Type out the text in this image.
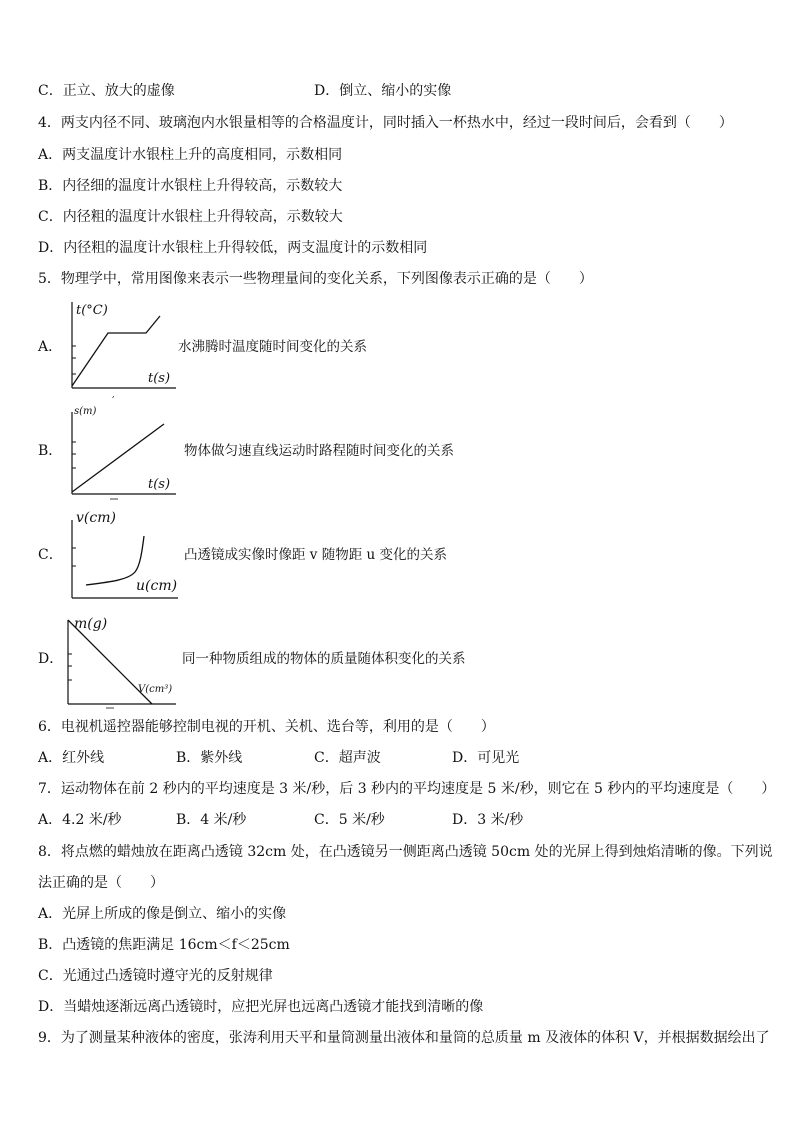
C．正立、放大的虚像	D．倒立、缩小的实像
4．两支内径不同、玻璃泡内水银量相等的合格温度计，同时插入一杯热水中，经过一段时间后，会看到（　　）
A．两支温度计水银柱上升的高度相同，示数相同
B．内径细的温度计水银柱上升得较高，示数较大
C．内径粗的温度计水银柱上升得较高，示数较大
D．内径粗的温度计水银柱上升得较低，两支温度计的示数相同
5．物理学中，常用图像来表示一些物理量间的变化关系，下列图像表示正确的是（　　）
A．
t(°C)
t(s)
,
水沸腾时温度随时间变化的关系
B．
s(m)
t(s)
物体做匀速直线运动时路程随时间变化的关系
C．
v(cm)
u(cm)
凸透镜成实像时像距 v 随物距 u 变化的关系
D．
m(g)
V(cm³)
同一种物质组成的物体的质量随体积变化的关系
6．电视机遥控器能够控制电视的开机、关机、选台等，利用的是（　　）
A．红外线	B．紫外线	C．超声波	D．可见光
7．运动物体在前 2 秒内的平均速度是 3 米/秒，后 3 秒内的平均速度是 5 米/秒，则它在 5 秒内的平均速度是（　　）
A．4.2 米/秒	B．4 米/秒	C．5 米/秒	D．3 米/秒
8．将点燃的蜡烛放在距离凸透镜 32cm 处，在凸透镜另一侧距离凸透镜 50cm 处的光屏上得到烛焰清晰的像。下列说
法正确的是（　　）
A．光屏上所成的像是倒立、缩小的实像
B．凸透镜的焦距满足 16cm＜f＜25cm
C．光通过凸透镜时遵守光的反射规律
D．当蜡烛逐渐远离凸透镜时，应把光屏也远离凸透镜才能找到清晰的像
9．为了测量某种液体的密度，张涛利用天平和量筒测量出液体和量筒的总质量 m 及液体的体积 V，并根据数据绘出了
